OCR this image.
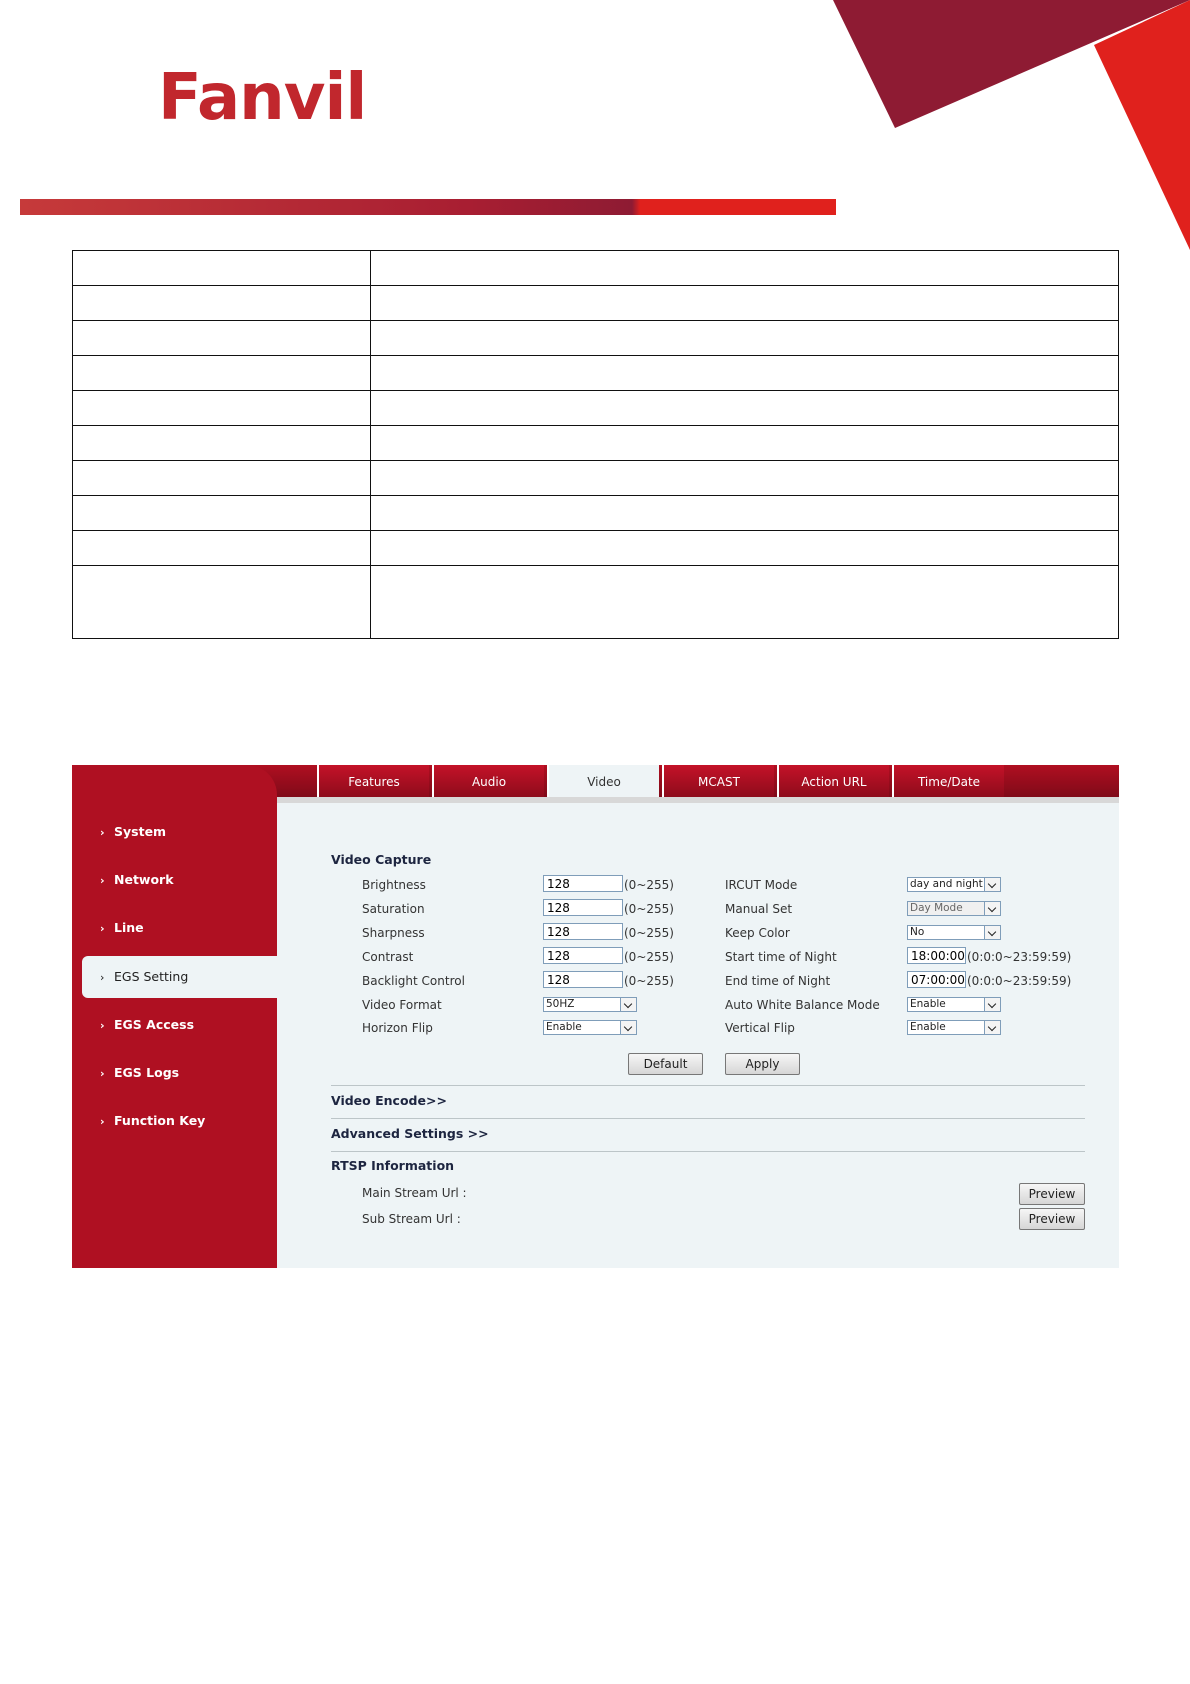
Fanvil

Features	Audio	Video	MCAST	Action URL	Time/Date
› System
› Network
› Line
› EGS Setting
› EGS Access
› EGS Logs
› Function Key
Video Capture
Brightness	128	(0~255)
Saturation	128	(0~255)
Sharpness	128	(0~255)
Contrast	128	(0~255)
Backlight Control	128	(0~255)
Video Format	50HZ
Horizon Flip	Enable
IRCUT Mode	day and night
Manual Set	Day Mode
Keep Color	No
Start time of Night	18:00:00 (0:0:0~23:59:59)
End time of Night	07:00:00 (0:0:0~23:59:59)
Auto White Balance Mode	Enable
Vertical Flip	Enable
Default	Apply
Video Encode>>
Advanced Settings >>
RTSP Information
Main Stream Url :	Preview
Sub Stream Url :	Preview
